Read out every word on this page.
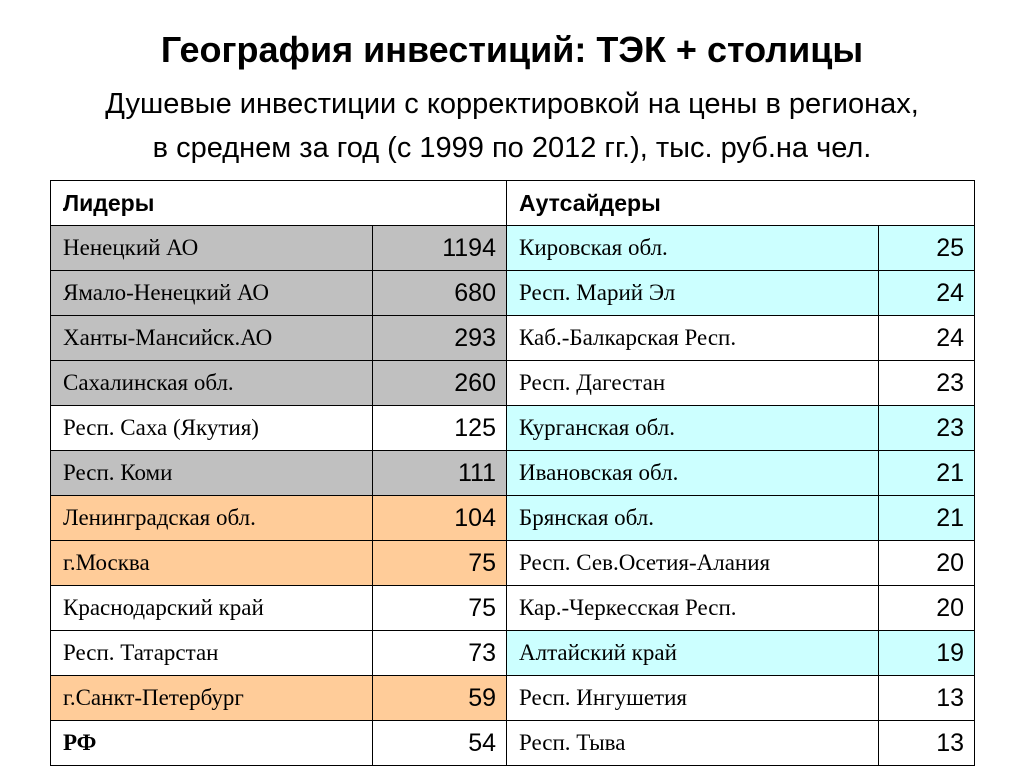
География инвестиций: ТЭК + столицы
Душевые инвестиции с корректировкой на цены в регионах,
в среднем за год (с 1999 по 2012 гг.), тыс. руб.на чел.
Лидеры		Аутсайдеры	
Ненецкий АО	1194	Кировская обл.	25
Ямало-Ненецкий АО	680	Респ. Марий Эл	24
Ханты-Мансийск.АО	293	Каб.-Балкарская Респ.	24
Сахалинская обл.	260	Респ. Дагестан	23
Респ. Саха (Якутия)	125	Курганская обл.	23
Респ. Коми	111	Ивановская обл.	21
Ленинградская обл.	104	Брянская обл.	21
г.Москва	75	Респ. Сев.Осетия-Алания	20
Краснодарский край	75	Кар.-Черкесская Респ.	20
Респ. Татарстан	73	Алтайский край	19
г.Санкт-Петербург	59	Респ. Ингушетия	13
РФ	54	Респ. Тыва	13
